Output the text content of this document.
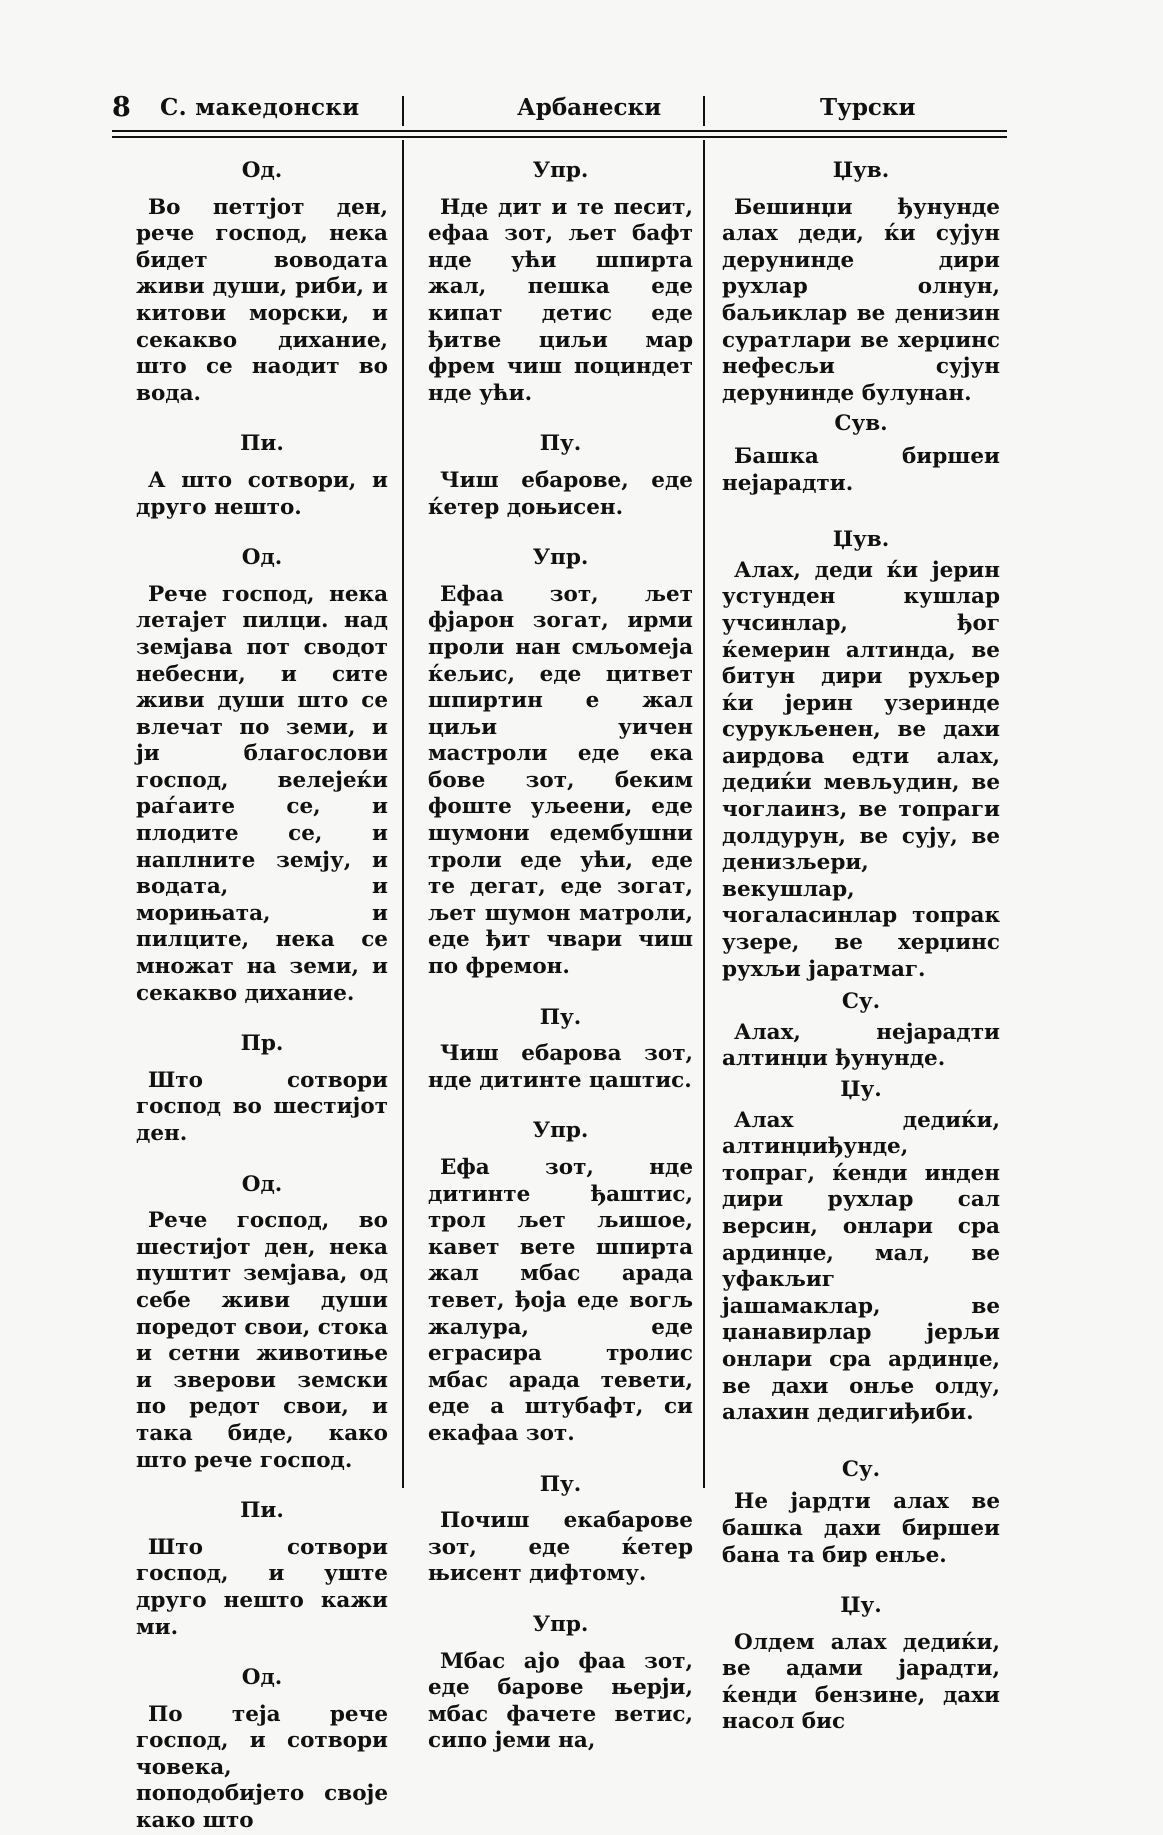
8 С. македонски	Арбанески	Турски

Од.

Во петтјот ден, рече господ, нека бидет вoводата живи души, риби, и китови морски, и секакво дихание, што се наодит во вода.

Пи.

А што сотвори, и друго нешто.

Од.

Рече господ, нека летајет пилци. над земјава пот сводот небесни, и сите живи души што се влечат по земи, и ји благослови господ, велејеќи раѓаите се, и плодите се, и наплните земју, и водата, и морињата, и пилците, нека се множат на земи, и секакво дихание.

Пр.

Што сотвори господ во шестијот ден.

Од.

Рече господ, во шестијот ден, нека пуштит земјава, од себе живи души поредот свои, стока и сетни животиње и зверови земски по редот свои, и така биде, како што рече господ.

Пи.

Што сотвори господ, и уште друго нешто кажи ми.

Од.

По теја рече господ, и сотвори човека, поподобијето своје како што

Упр.

Нде дит и те песит, ефаа зот, љет бафт нде ући шпирта жал, пешка еде кипат детис еде ђитве циљи мар фрем чиш поциндет нде ући.

Пу.

Чиш ебарове, еде ќетер доњисен.

Упр.

Ефаа зот, љет фјарон зогат, ирми проли нан смљомеја ќељис, еде цитвет шпиртин е жал циљи уичен мастроли еде ека бове зот, беким фоште уљеени, еде шумони едембушни троли еде ући, еде те дегат, еде зогат, љет шумон матроли, еде ђит чвари чиш по фремон.

Пу.

Чиш ебарова зот, нде дитинте цаштис.

Упр.

Ефа зот, нде дитинте ђаштис, трол љет љишое, кавет вете шпирта жал мбас арада тевет, ђоја еде вогљ жалура, еде еграсира тролис мбас арада тевети, еде а штубафт, си екафаа зот.

Пу.

Почиш екабарове зот, еде ќетер њисент дифтому.

Упр.

Мбас ајо фаа зот, еде барове њерји, мбас фачете ветис, сипо јеми на,

Џув.

Бешинџи ђунунде алах деди, ќи сујун дерунинде дири рухлар олнун, баљиклар ве денизин суратлари ве херџинс нефесљи сујун дерунинде булунан.

Сув.

Башка биршеи нејарадти.

Џув.

Алах, деди ќи јерин устунден кушлар учсинлар, ђог ќемерин алтинда, ве битун дири рухљер ќи јерин узеринде сурукљенен, ве дахи аирдова едти алах, дедиќи мевљудин, ве чоглаинз, ве топраги долдурун, ве сују, ве денизљери, векушлар, чогаласинлар топрак узере, ве херџинс рухљи јаратмаг.

Су.

Алах, нејарадти алтинџи ђунунде.

Џу.

Алах дедиќи, алтинџиђунде, топраг, ќенди инден дири рухлар сал версин, онлари сра ардинџе, мал, ве уфакљиг јашамаклар, ве џанавирлар јерљи онлари сра ардинџе, ве дахи онље олду, алахин дедигиђиби.

Су.

Не јардти алах ве башка дахи биршеи бана та бир енље.

Џу.

Олдем алах дедиќи, ве адами јарадти, ќенди бензине, дахи насол бис
